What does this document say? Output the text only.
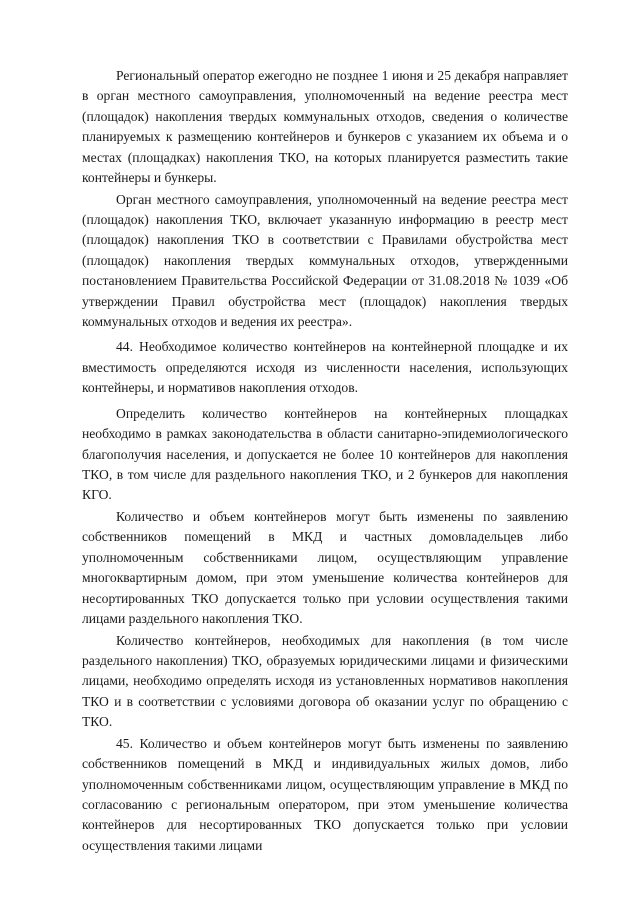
Региональный оператор ежегодно не позднее 1 июня и 25 декабря направляет в орган местного самоуправления, уполномоченный на ведение реестра мест (площадок) накопления твердых коммунальных отходов, сведения о количестве планируемых к размещению контейнеров и бункеров с указанием их объема и о местах (площадках) накопления ТКО, на которых планируется разместить такие контейнеры и бункеры.

Орган местного самоуправления, уполномоченный на ведение реестра мест (площадок) накопления ТКО, включает указанную информацию в реестр мест (площадок) накопления ТКО в соответствии с Правилами обустройства мест (площадок) накопления твердых коммунальных отходов, утвержденными постановлением Правительства Российской Федерации от 31.08.2018 № 1039 «Об утверждении Правил обустройства мест (площадок) накопления твердых коммунальных отходов и ведения их реестра».

44. Необходимое количество контейнеров на контейнерной площадке и их вместимость определяются исходя из численности населения, использующих контейнеры, и нормативов накопления отходов.

Определить количество контейнеров на контейнерных площадках необходимо в рамках законодательства в области санитарно-эпидемиологического благополучия населения, и допускается не более 10 контейнеров для накопления ТКО, в том числе для раздельного накопления ТКО, и 2 бункеров для накопления КГО.

Количество и объем контейнеров могут быть изменены по заявлению собственников помещений в МКД и частных домовладельцев либо уполномоченным собственниками лицом, осуществляющим управление многоквартирным домом, при этом уменьшение количества контейнеров для несортированных ТКО допускается только при условии осуществления такими лицами раздельного накопления ТКО.

Количество контейнеров, необходимых для накопления (в том числе раздельного накопления) ТКО, образуемых юридическими лицами и физическими лицами, необходимо определять исходя из установленных нормативов накопления ТКО и в соответствии с условиями договора об оказании услуг по обращению с ТКО.

45. Количество и объем контейнеров могут быть изменены по заявлению собственников помещений в МКД и индивидуальных жилых домов, либо уполномоченным собственниками лицом, осуществляющим управление в МКД по согласованию с региональным оператором, при этом уменьшение количества контейнеров для несортированных ТКО допускается только при условии осуществления такими лицами
